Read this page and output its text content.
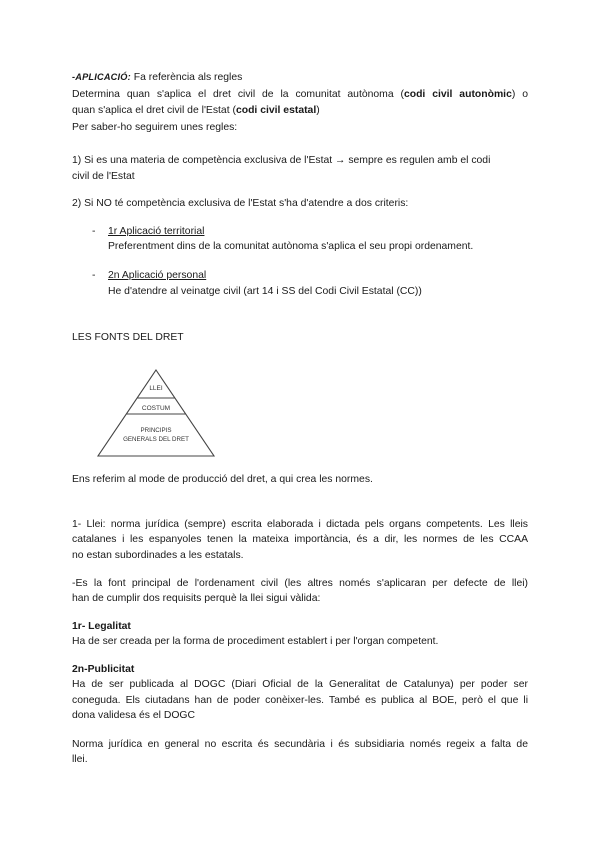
-APLICACIÓ: Fa referència als regles
Determina quan s'aplica el dret civil de la comunitat autònoma (codi civil autonòmic) o
quan s'aplica el dret civil de l'Estat (codi civil estatal)
Per saber-ho seguirem unes regles:
1) Si es una materia de competència exclusiva de l'Estat → sempre es regulen amb el codi
civil de l'Estat
2) Si NO té competència exclusiva de l'Estat s'ha d'atendre a dos criteris:
- 1r Aplicació territorial
Preferentment dins de la comunitat autònoma s'aplica el seu propi ordenament.
- 2n Aplicació personal
He d'atendre al veinatge civil (art 14 i SS del Codi Civil Estatal (CC))
LES FONTS DEL DRET
LLEI
COSTUM
PRINCIPIS
GENERALS DEL DRET
Ens referim al mode de producció del dret, a qui crea les normes.
1- Llei: norma jurídica (sempre) escrita elaborada i dictada pels organs competents. Les lleis
catalanes i les espanyoles tenen la mateixa importància, és a dir, les normes de les CCAA
no estan subordinades a les estatals.
-Es la font principal de l'ordenament civil (les altres només s'aplicaran per defecte de llei)
han de cumplir dos requisits perquè la llei sigui vàlida:
1r- Legalitat
Ha de ser creada per la forma de procediment establert i per l'organ competent.
2n-Publicitat
Ha de ser publicada al DOGC (Diari Oficial de la Generalitat de Catalunya) per poder ser
coneguda. Els ciutadans han de poder conèixer-les. També es publica al BOE, però el que li
dona validesa és el DOGC
Norma jurídica en general no escrita és secundària i és subsidiaria només regeix a falta de
llei.
